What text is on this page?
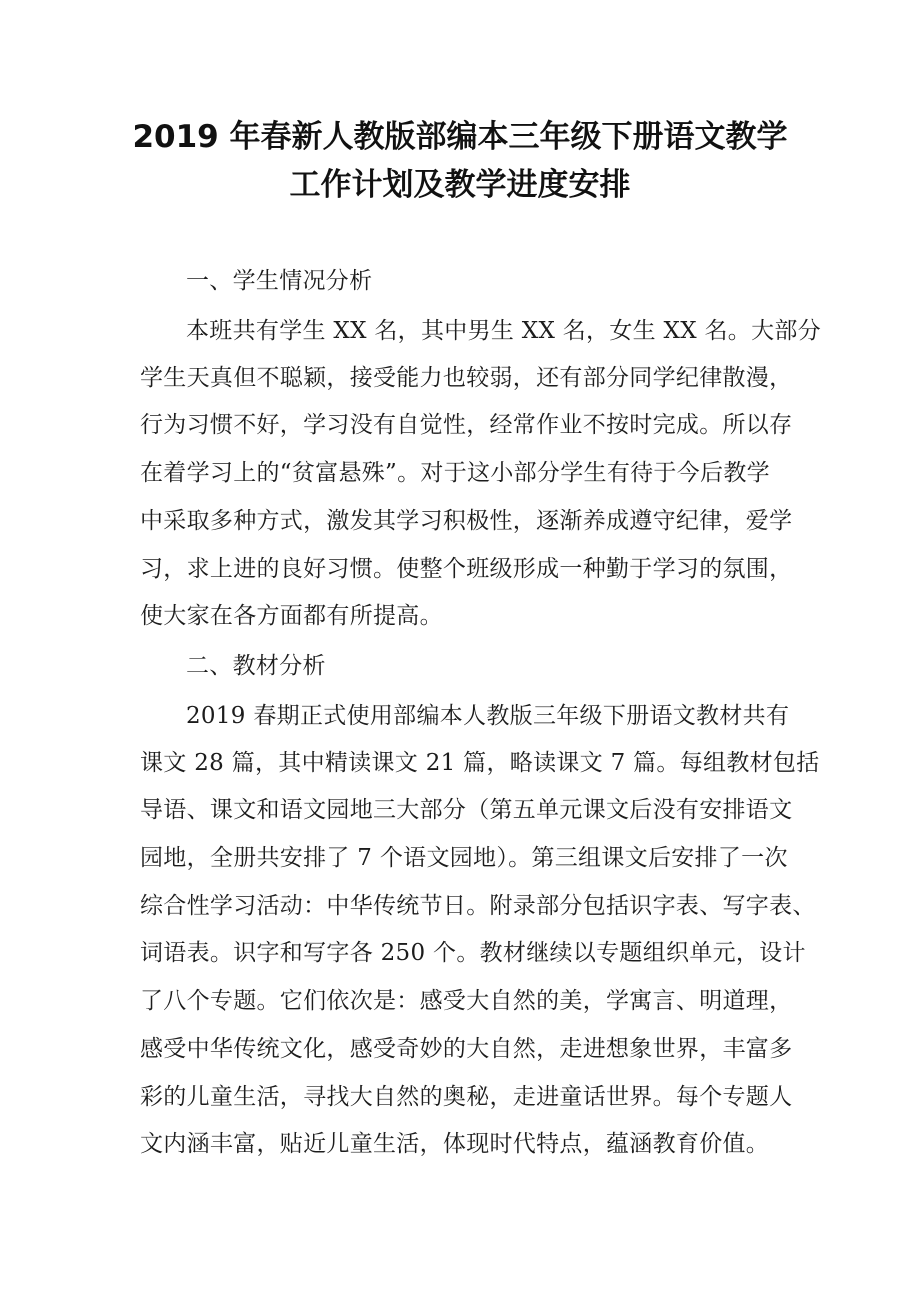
2019 年春新人教版部编本三年级下册语文教学
工作计划及教学进度安排
一、学生情况分析
本班共有学生 XX 名，其中男生 XX 名，女生 XX 名。大部分
学生天真但不聪颖，接受能力也较弱，还有部分同学纪律散漫，
行为习惯不好，学习没有自觉性，经常作业不按时完成。所以存
在着学习上的“贫富悬殊”。对于这小部分学生有待于今后教学
中采取多种方式，激发其学习积极性，逐渐养成遵守纪律，爱学
习，求上进的良好习惯。使整个班级形成一种勤于学习的氛围，
使大家在各方面都有所提高。
二、教材分析
2019 春期正式使用部编本人教版三年级下册语文教材共有
课文 28 篇，其中精读课文 21 篇，略读课文 7 篇。每组教材包括
导语、课文和语文园地三大部分（第五单元课文后没有安排语文
园地，全册共安排了 7 个语文园地）。第三组课文后安排了一次
综合性学习活动：中华传统节日。附录部分包括识字表、写字表、
词语表。识字和写字各 250 个。教材继续以专题组织单元，设计
了八个专题。它们依次是：感受大自然的美，学寓言、明道理，
感受中华传统文化，感受奇妙的大自然，走进想象世界，丰富多
彩的儿童生活，寻找大自然的奥秘，走进童话世界。每个专题人
文内涵丰富，贴近儿童生活，体现时代特点，蕴涵教育价值。
